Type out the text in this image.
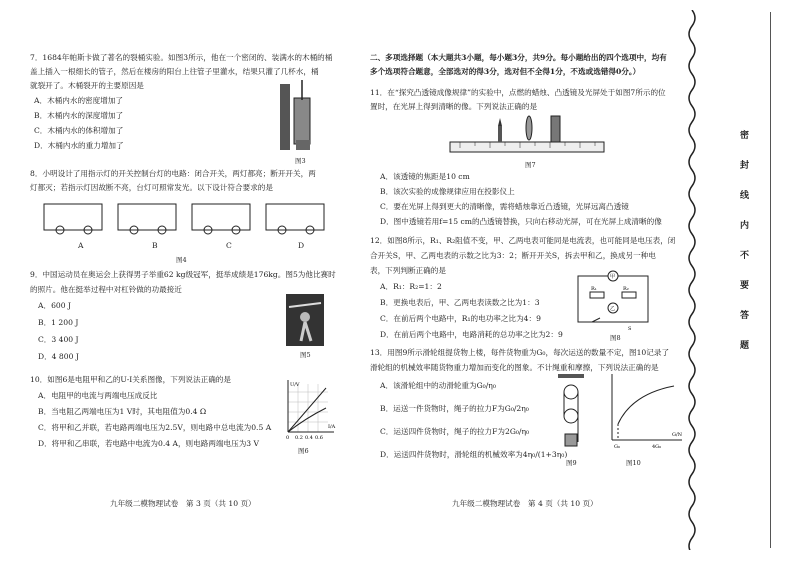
7．1684年帕斯卡做了著名的裂桶实验。如图3所示，他在一个密闭的、装满水的木桶的桶
盖上插入一根细长的管子，然后在楼房的阳台上往管子里灌水，结果只灌了几杯水，桶
就裂开了。木桶裂开的主要原因是
A．木桶内水的密度增加了
B．木桶内水的深度增加了
C．木桶内水的体积增加了
D．木桶内水的重力增加了
图3
8．小明设计了用指示灯的开关控制台灯的电路：闭合开关，两灯都亮；断开开关，两
灯都灭；若指示灯因故断不亮，台灯可照常发光。以下设计符合要求的是
A	B	C	D
图4
9．中国运动员在奥运会上获得男子举重62 kg级冠军，挺举成绩是176kg。图5为他比赛时
的照片。他在挺举过程中对杠铃做的功最接近
A．600 J
B．1 200 J
C．3 400 J
D．4 800 J	图5
10．如图6是电阻甲和乙的U-I关系图像，下列说法正确的是
A．电阻甲的电流与两端电压成反比
B．当电阻乙两端电压为1 V时，其电阻值为0.4 Ω
C．将甲和乙并联，若电路两端电压为2.5V，则电路中总电流为0.5 A
D．将甲和乙串联，若电路中电流为0.4 A，则电路两端电压为3 V
U/V
I/A
0 0.2 0.4 0.6
图6
九年级二模物理试卷　第 3 页（共 10 页）
二、多项选择题（本大题共3小题，每小题3分，共9分。每小题给出的四个选项中，均有
多个选项符合题意，全部选对的得3分，选对但不全得1分，不选或选错得0分。）
11．在“探究凸透镜成像规律”的实验中，点燃的蜡烛、凸透镜及光屏处于如图7所示的位
置时，在光屏上得到清晰的像。下列说法正确的是
图7
A．该透镜的焦距是10 cm
B．该次实验的成像规律应用在投影仪上
C．要在光屏上得到更大的清晰像，需将蜡烛靠近凸透镜，光屏远离凸透镜
D．图中透镜若用f=15 cm的凸透镜替换，只向右移动光屏，可在光屏上成清晰的像
12．如图8所示，R₁、R₂阻值不变，甲、乙两电表可能同是电流表，也可能同是电压表，闭
合开关S，甲、乙两电表的示数之比为3：2；断开开关S，拆去甲和乙，换成另一种电
表，下列判断正确的是
A．R₁：R₂=1：2
B．更换电表后，甲、乙两电表读数之比为1：3
C．在前后两个电路中，R₁的电功率之比为4：9
D．在前后两个电路中，电路消耗的总功率之比为2：9
甲
R₁	R₂
乙
S
图8
13．用图9所示滑轮组提货物上楼，每件货物重为G₀，每次运送的数量不定，图10记录了
滑轮组的机械效率随货物重力增加而变化的图象。不计绳重和摩擦，下列说法正确的是
A．该滑轮组中的动滑轮重为G₀/η₀
B．运送一件货物时，绳子的拉力F为G₀/2η₀
C．运送四件货物时，绳子的拉力F为2G₀/η₀
D．运送四件货物时，滑轮组的机械效率为4η₀/(1+3η₀)
图9
G₀	4G₀
G/N
图10
九年级二模物理试卷　第 4 页（共 10 页）
密
封
线
内
不
要
答
题
